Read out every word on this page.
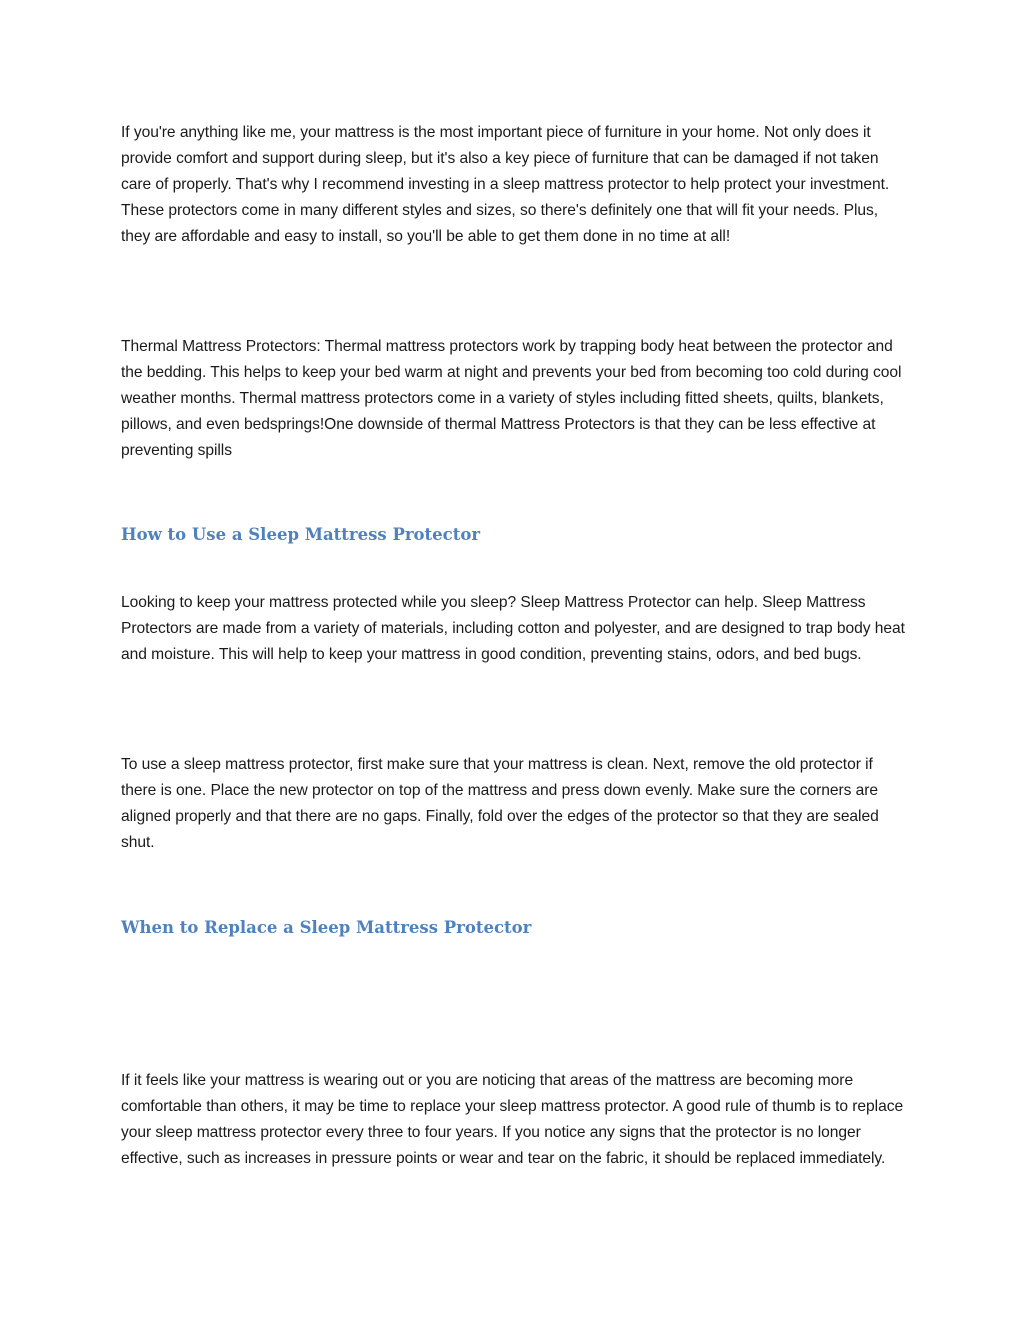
If you're anything like me, your mattress is the most important piece of furniture in your home. Not only does it provide comfort and support during sleep, but it's also a key piece of furniture that can be damaged if not taken care of properly. That's why I recommend investing in a sleep mattress protector to help protect your investment. These protectors come in many different styles and sizes, so there's definitely one that will fit your needs. Plus, they are affordable and easy to install, so you'll be able to get them done in no time at all!

Thermal Mattress Protectors: Thermal mattress protectors work by trapping body heat between the protector and the bedding. This helps to keep your bed warm at night and prevents your bed from becoming too cold during cool weather months. Thermal mattress protectors come in a variety of styles including fitted sheets, quilts, blankets, pillows, and even bedsprings!One downside of thermal Mattress Protectors is that they can be less effective at preventing spills

How to Use a Sleep Mattress Protector

Looking to keep your mattress protected while you sleep? Sleep Mattress Protector can help. Sleep Mattress Protectors are made from a variety of materials, including cotton and polyester, and are designed to trap body heat and moisture. This will help to keep your mattress in good condition, preventing stains, odors, and bed bugs.

To use a sleep mattress protector, first make sure that your mattress is clean. Next, remove the old protector if there is one. Place the new protector on top of the mattress and press down evenly. Make sure the corners are aligned properly and that there are no gaps. Finally, fold over the edges of the protector so that they are sealed shut.

When to Replace a Sleep Mattress Protector

If it feels like your mattress is wearing out or you are noticing that areas of the mattress are becoming more comfortable than others, it may be time to replace your sleep mattress protector. A good rule of thumb is to replace your sleep mattress protector every three to four years. If you notice any signs that the protector is no longer effective, such as increases in pressure points or wear and tear on the fabric, it should be replaced immediately.
